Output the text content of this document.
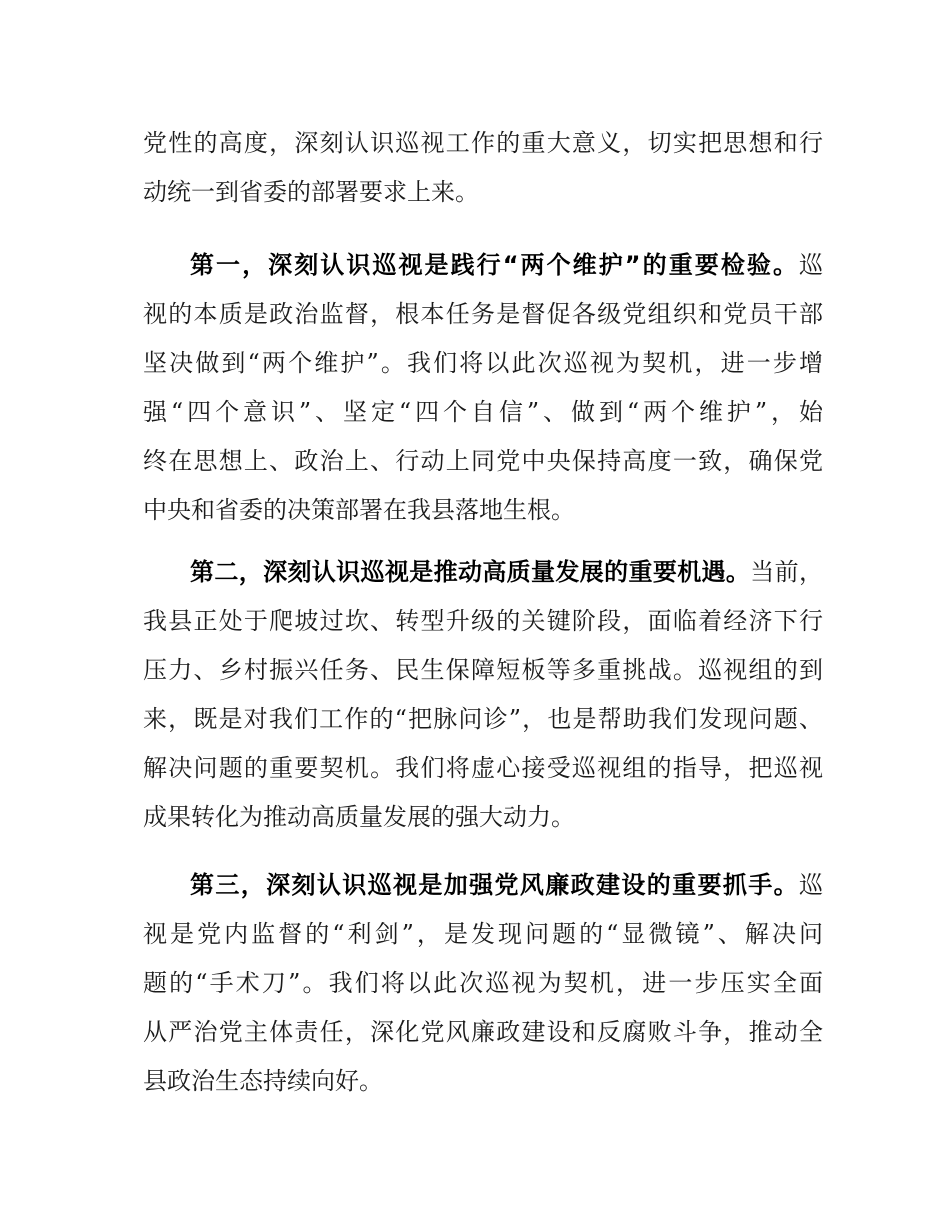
党性的高度，深刻认识巡视工作的重大意义，切实把思想和行
动统一到省委的部署要求上来。
第一，深刻认识巡视是践行“两个维护”的重要检验。巡
视的本质是政治监督，根本任务是督促各级党组织和党员干部
坚决做到“两个维护”。我们将以此次巡视为契机，进一步增
强“四个意识”、坚定“四个自信”、做到“两个维护”，始
终在思想上、政治上、行动上同党中央保持高度一致，确保党
中央和省委的决策部署在我县落地生根。
第二，深刻认识巡视是推动高质量发展的重要机遇。当前，
我县正处于爬坡过坎、转型升级的关键阶段，面临着经济下行
压力、乡村振兴任务、民生保障短板等多重挑战。巡视组的到
来，既是对我们工作的“把脉问诊”，也是帮助我们发现问题、
解决问题的重要契机。我们将虚心接受巡视组的指导，把巡视
成果转化为推动高质量发展的强大动力。
第三，深刻认识巡视是加强党风廉政建设的重要抓手。巡
视是党内监督的“利剑”，是发现问题的“显微镜”、解决问
题的“手术刀”。我们将以此次巡视为契机，进一步压实全面
从严治党主体责任，深化党风廉政建设和反腐败斗争，推动全
县政治生态持续向好。
